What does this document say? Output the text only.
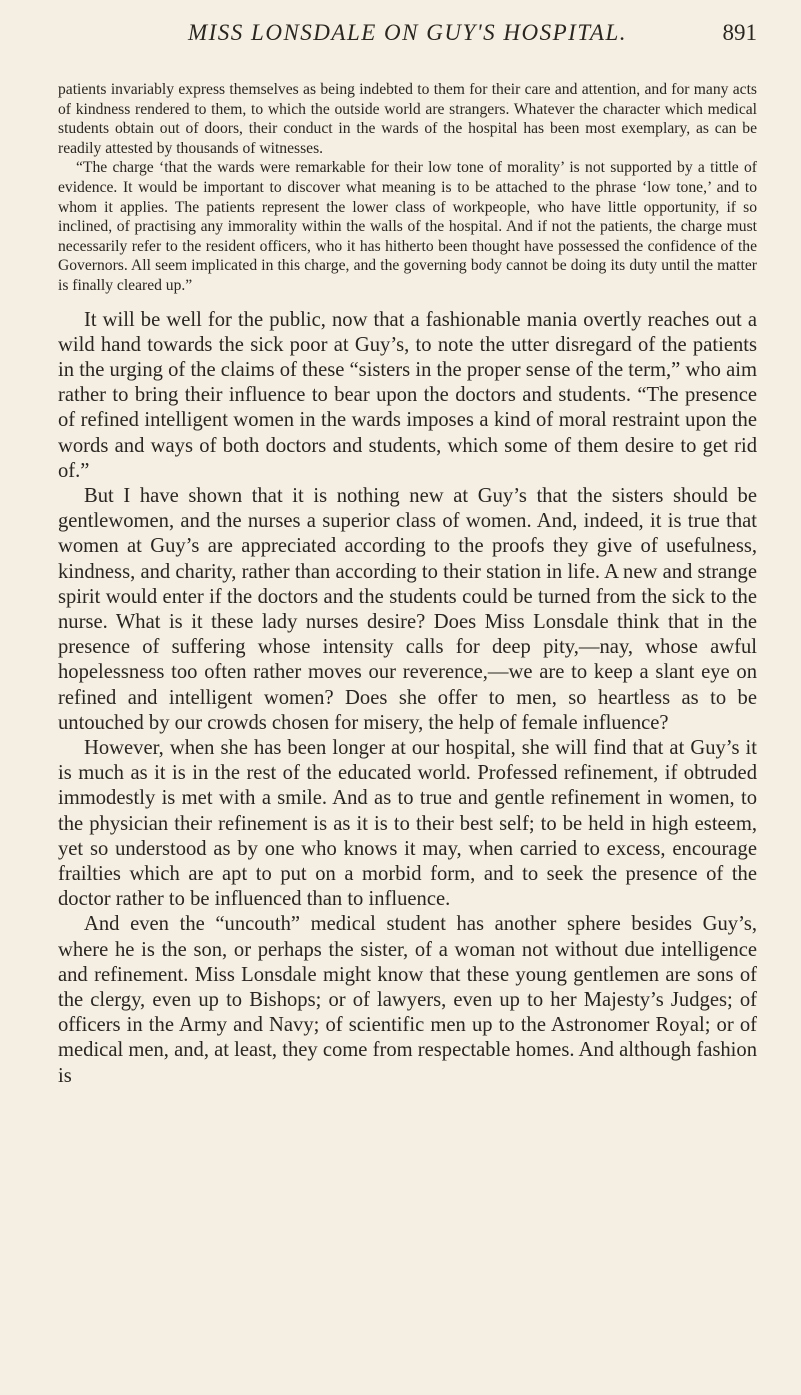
MISS LONSDALE ON GUY'S HOSPITAL.	891

patients invariably express themselves as being indebted to them for their care and attention, and for many acts of kindness rendered to them, to which the outside world are strangers. Whatever the character which medical students obtain out of doors, their conduct in the wards of the hospital has been most exemplary, as can be readily attested by thousands of witnesses.

“The charge ‘that the wards were remarkable for their low tone of morality’ is not supported by a tittle of evidence. It would be important to discover what meaning is to be attached to the phrase ‘low tone,’ and to whom it applies. The patients represent the lower class of workpeople, who have little opportunity, if so inclined, of practising any immorality within the walls of the hospital. And if not the patients, the charge must necessarily refer to the resident officers, who it has hitherto been thought have possessed the confidence of the Governors. All seem implicated in this charge, and the governing body cannot be doing its duty until the matter is finally cleared up.”

It will be well for the public, now that a fashionable mania overtly reaches out a wild hand towards the sick poor at Guy’s, to note the utter disregard of the patients in the urging of the claims of these “sisters in the proper sense of the term,” who aim rather to bring their influence to bear upon the doctors and students. “The presence of refined intelligent women in the wards imposes a kind of moral restraint upon the words and ways of both doctors and students, which some of them desire to get rid of.”

But I have shown that it is nothing new at Guy’s that the sisters should be gentlewomen, and the nurses a superior class of women. And, indeed, it is true that women at Guy’s are appreciated according to the proofs they give of usefulness, kindness, and charity, rather than according to their station in life. A new and strange spirit would enter if the doctors and the students could be turned from the sick to the nurse. What is it these lady nurses desire? Does Miss Lonsdale think that in the presence of suffering whose intensity calls for deep pity,—nay, whose awful hopelessness too often rather moves our reverence,—we are to keep a slant eye on refined and intelligent women? Does she offer to men, so heartless as to be untouched by our crowds chosen for misery, the help of female influence?

However, when she has been longer at our hospital, she will find that at Guy’s it is much as it is in the rest of the educated world. Professed refinement, if obtruded immodestly is met with a smile. And as to true and gentle refinement in women, to the physician their refinement is as it is to their best self; to be held in high esteem, yet so understood as by one who knows it may, when carried to excess, encourage frailties which are apt to put on a morbid form, and to seek the presence of the doctor rather to be influenced than to influence.

And even the “uncouth” medical student has another sphere besides Guy’s, where he is the son, or perhaps the sister, of a woman not without due intelligence and refinement. Miss Lonsdale might know that these young gentlemen are sons of the clergy, even up to Bishops; or of lawyers, even up to her Majesty’s Judges; of officers in the Army and Navy; of scientific men up to the Astronomer Royal; or of medical men, and, at least, they come from respectable homes. And although fashion is
